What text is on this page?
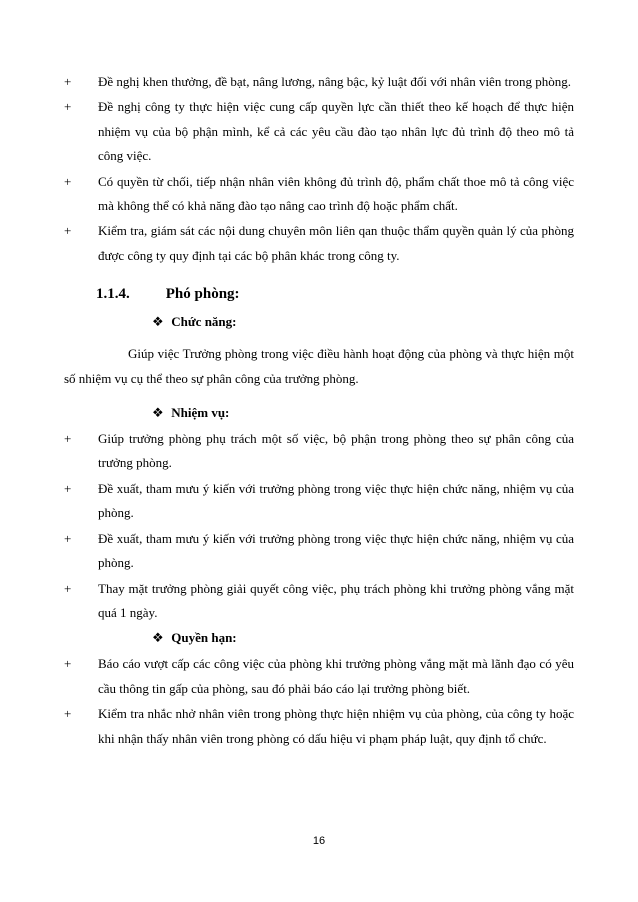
+	Đề nghị khen thưởng, đề bạt, nâng lương, nâng bậc, kỷ luật đối với nhân viên trong phòng.
+	Đề nghị công ty thực hiện việc cung cấp quyền lực cần thiết theo kế hoạch để thực hiện nhiệm vụ của bộ phận mình, kể cả các yêu cầu đào tạo nhân lực đủ trình độ theo mô tả công việc.
+	Có quyền từ chối, tiếp nhận nhân viên không đủ trình độ, phẩm chất thoe mô tả công việc mà không thể có khả năng đào tạo nâng cao trình độ hoặc phẩm chất.
+	Kiểm tra, giám sát các nội dung chuyên môn liên qan thuộc thẩm quyền quản lý của phòng được công ty quy định tại các bộ phân khác trong công ty.
1.1.4. Phó phòng:
❖ Chức năng:

Giúp việc Trưởng phòng trong việc điều hành hoạt động của phòng và thực hiện một số nhiệm vụ cụ thể theo sự phân công của trưởng phòng.

❖ Nhiệm vụ:
+	Giúp trưởng phòng phụ trách một số việc, bộ phận trong phòng theo sự phân công của trưởng phòng.
+	Đề xuất, tham mưu ý kiến với trưởng phòng trong việc thực hiện chức năng, nhiệm vụ của phòng.
+	Đề xuất, tham mưu ý kiến với trưởng phòng trong việc thực hiện chức năng, nhiệm vụ của phòng.
+	Thay mặt trưởng phòng giải quyết công việc, phụ trách phòng khi trưởng phòng vắng mặt quá 1 ngày.
❖ Quyền hạn:
+	Báo cáo vượt cấp các công việc của phòng khi trưởng phòng vắng mặt mà lãnh đạo có yêu cầu thông tin gấp của phòng, sau đó phải báo cáo lại trưởng phòng biết.
+	Kiểm tra nhắc nhở nhân viên trong phòng thực hiện nhiệm vụ của phòng, của công ty hoặc khi nhận thấy nhân viên trong phòng có dấu hiệu vi phạm pháp luật, quy định tổ chức.
16
